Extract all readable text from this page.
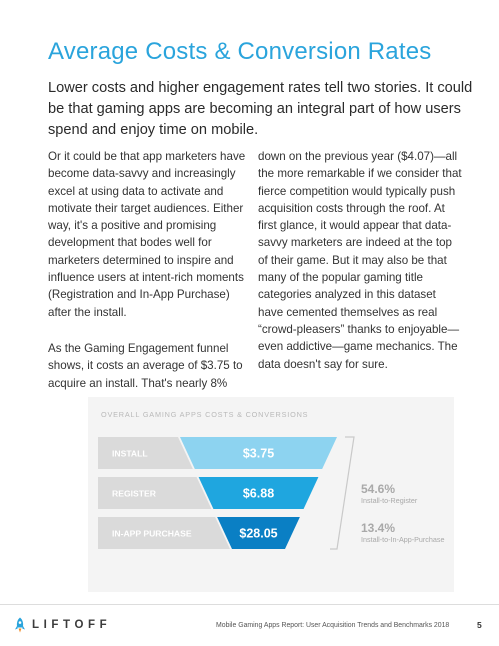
Average Costs & Conversion Rates

Lower costs and higher engagement rates tell two stories. It could be that gaming apps are becoming an integral part of how users spend and enjoy time on mobile.

Or it could be that app marketers have become data-savvy and increasingly excel at using data to activate and motivate their target audiences. Either way, it's a positive and promising development that bodes well for marketers determined to inspire and influence users at intent-rich moments (Registration and In-App Purchase) after the install.

As the Gaming Engagement funnel shows, it costs an average of $3.75 to acquire an install. That's nearly 8%

down on the previous year ($4.07)—all the more remarkable if we consider that fierce competition would typically push acquisition costs through the roof. At first glance, it would appear that data-savvy marketers are indeed at the top of their game. But it may also be that many of the popular gaming title categories analyzed in this dataset have cemented themselves as real “crowd-pleasers” thanks to enjoyable—even addictive—game mechanics. The data doesn't say for sure.

OVERALL GAMING APPS COSTS & CONVERSIONS

INSTALL	$3.75
REGISTER	$6.88
IN-APP PURCHASE	$28.05
54.6%
Install-to-Register
13.4%
Install-to-In-App-Purchase
LIFTOFF	Mobile Gaming Apps Report: User Acquisition Trends and Benchmarks 2018	5
